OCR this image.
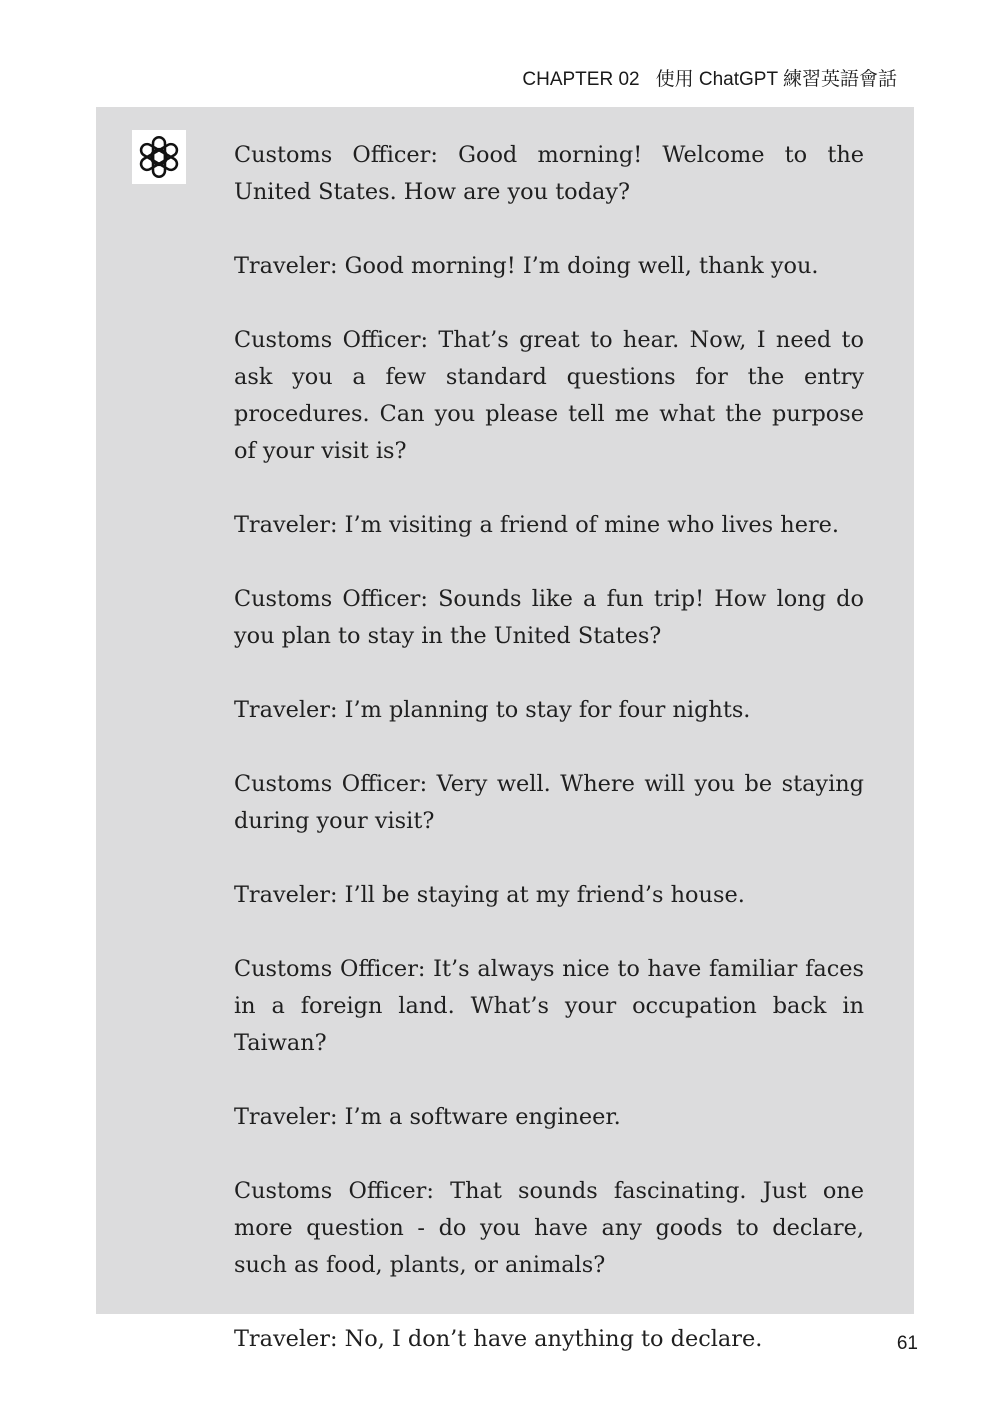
CHAPTER 02 使用 ChatGPT 練習英語會話

Customs Officer: Good morning! Welcome to the United States. How are you today?

Traveler: Good morning! I’m doing well, thank you.

Customs Officer: That’s great to hear. Now, I need to ask you a few standard questions for the entry procedures. Can you please tell me what the purpose of your visit is?

Traveler: I’m visiting a friend of mine who lives here.

Customs Officer: Sounds like a fun trip! How long do you plan to stay in the United States?

Traveler: I’m planning to stay for four nights.

Customs Officer: Very well. Where will you be staying during your visit?

Traveler: I’ll be staying at my friend’s house.

Customs Officer: It’s always nice to have familiar faces in a foreign land. What’s your occupation back in Taiwan?

Traveler: I’m a software engineer.

Customs Officer: That sounds fascinating. Just one more question - do you have any goods to declare, such as food, plants, or animals?

Traveler: No, I don’t have anything to declare.	61
